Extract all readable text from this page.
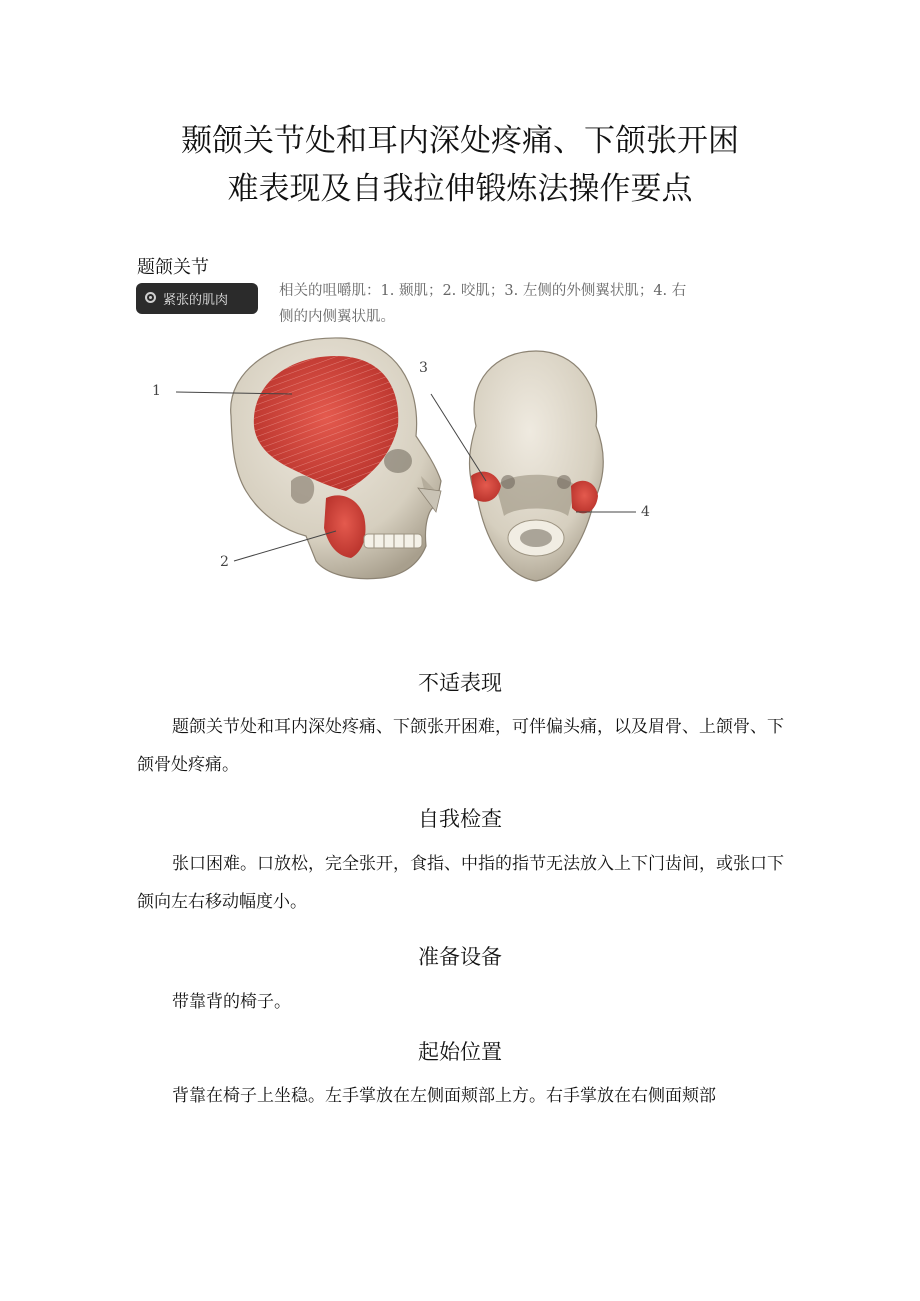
颞颌关节处和耳内深处疼痛、下颌张开困
难表现及自我拉伸锻炼法操作要点
题颌关节
紧张的肌肉
相关的咀嚼肌：1. 颞肌；2. 咬肌；3. 左侧的外侧翼状肌；4. 右侧的内侧翼状肌。
1
2
3
4
不适表现
题颌关节处和耳内深处疼痛、下颌张开困难，可伴偏头痛，以及眉骨、上颌骨、下颌骨处疼痛。
自我检查
张口困难。口放松，完全张开，食指、中指的指节无法放入上下门齿间，或张口下颌向左右移动幅度小。
准备设备
带靠背的椅子。
起始位置
背靠在椅子上坐稳。左手掌放在左侧面颊部上方。右手掌放在右侧面颊部
